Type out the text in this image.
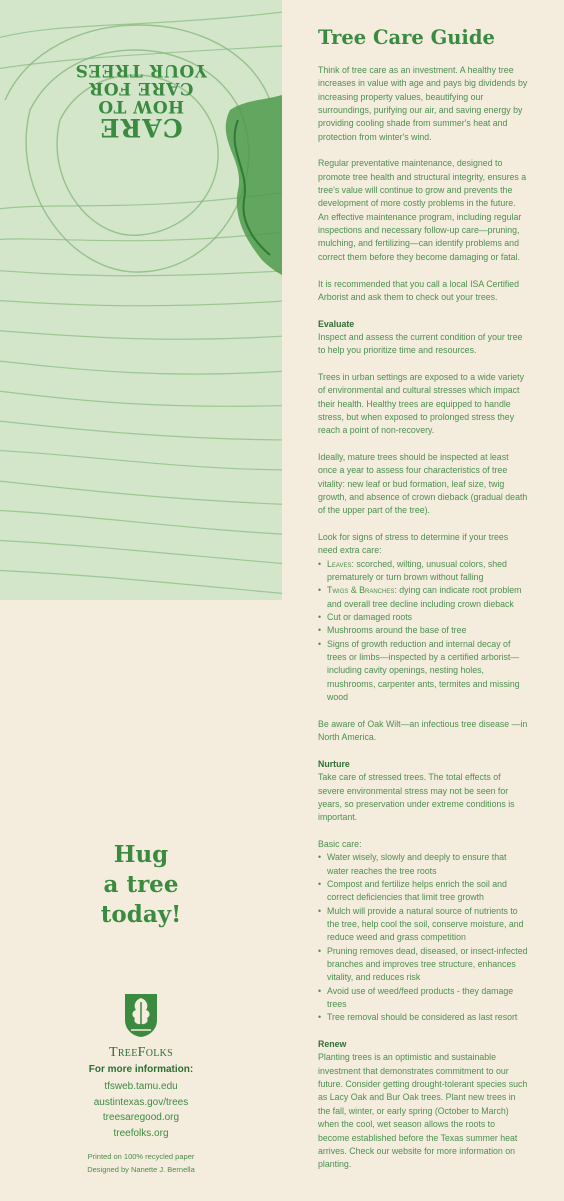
CARE
HOW TO
CARE FOR
YOUR TREES
Hug
a tree
today!
TreeFolks
For more information:
tfsweb.tamu.edu
austintexas.gov/trees
treesaregood.org
treefolks.org
Printed on 100% recycled paper
Designed by Nanette J. Bernella
Tree Care Guide

Think of tree care as an investment. A healthy tree increases in value with age and pays big dividends by increasing property values, beautifying our surroundings, purifying our air, and saving energy by providing cooling shade from summer's heat and protection from winter's wind.

Regular preventative maintenance, designed to promote tree health and structural integrity, ensures a tree's value will continue to grow and prevents the development of more costly problems in the future. An effective maintenance program, including regular inspections and necessary follow-up care—pruning, mulching, and fertilizing—can identify problems and correct them before they become damaging or fatal.

It is recommended that you call a local ISA Certified Arborist and ask them to check out your trees.

Evaluate

Inspect and assess the current condition of your tree to help you prioritize time and resources.

Trees in urban settings are exposed to a wide variety of environmental and cultural stresses which impact their health. Healthy trees are equipped to handle stress, but when exposed to prolonged stress they reach a point of non-recovery.

Ideally, mature trees should be inspected at least once a year to assess four characteristics of tree vitality: new leaf or bud formation, leaf size, twig growth, and absence of crown dieback (gradual death of the upper part of the tree).

Look for signs of stress to determine if your trees need extra care:
• Leaves: scorched, wilting, unusual colors, shed prematurely or turn brown without falling
• Twigs & Branches: dying can indicate root problem and overall tree decline including crown dieback
• Cut or damaged roots
• Mushrooms around the base of tree
• Signs of growth reduction and internal decay of trees or limbs—inspected by a certified arborist—including cavity openings, nesting holes, mushrooms, carpenter ants, termites and missing wood

Be aware of Oak Wilt—an infectious tree disease —in North America.

Nurture

Take care of stressed trees. The total effects of severe environmental stress may not be seen for years, so preservation under extreme conditions is important.

Basic care:
• Water wisely, slowly and deeply to ensure that water reaches the tree roots
• Compost and fertilize helps enrich the soil and correct deficiencies that limit tree growth
• Mulch will provide a natural source of nutrients to the tree, help cool the soil, conserve moisture, and reduce weed and grass competition
• Pruning removes dead, diseased, or insect-infected branches and improves tree structure, enhances vitality, and reduces risk
• Avoid use of weed/feed products - they damage trees
• Tree removal should be considered as last resort
Renew

Planting trees is an optimistic and sustainable investment that demonstrates commitment to our future. Consider getting drought-tolerant species such as Lacy Oak and Bur Oak trees. Plant new trees in the fall, winter, or early spring (October to March) when the cool, wet season allows the roots to become established before the Texas summer heat arrives. Check our website for more information on planting.
